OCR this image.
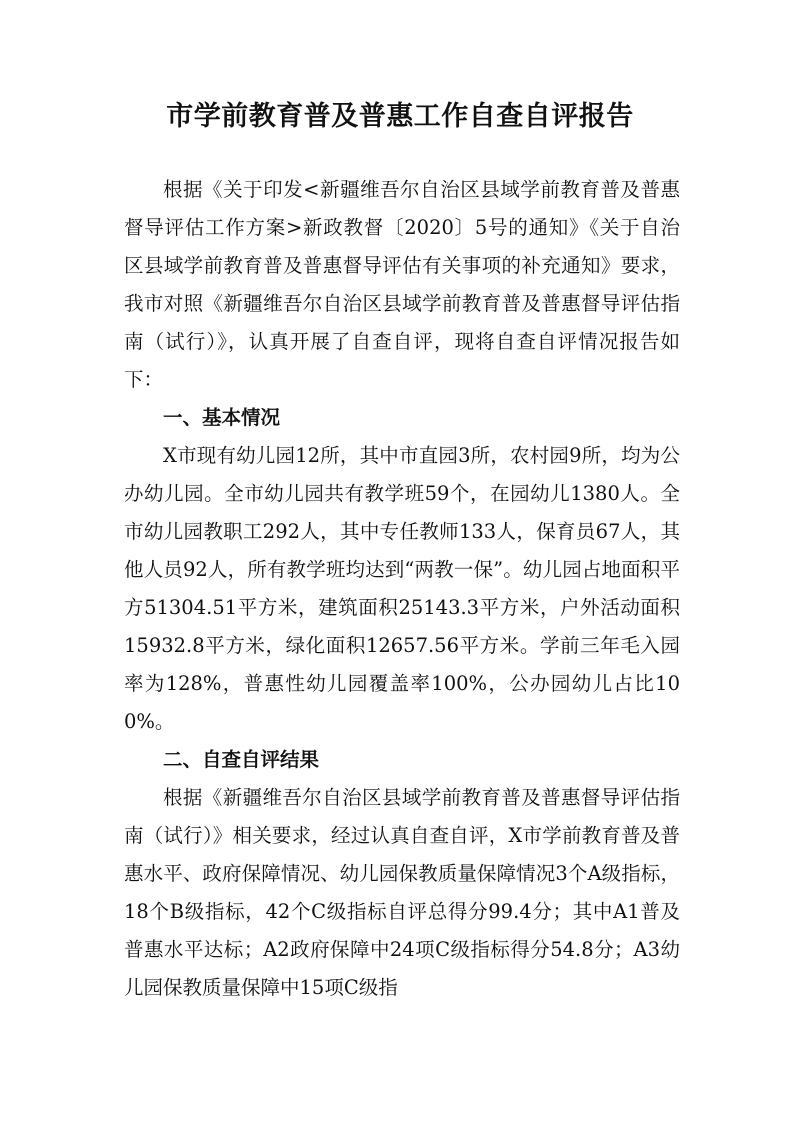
市学前教育普及普惠工作自查自评报告

根据《关于印发<新疆维吾尔自治区县域学前教育普及普惠督导评估工作方案>新政教督〔2020〕5号的通知》《关于自治区县域学前教育普及普惠督导评估有关事项的补充通知》要求，我市对照《新疆维吾尔自治区县域学前教育普及普惠督导评估指南（试行）》，认真开展了自查自评，现将自查自评情况报告如下：

一、基本情况

X市现有幼儿园12所，其中市直园3所，农村园9所，均为公办幼儿园。全市幼儿园共有教学班59个，在园幼儿1380人。全市幼儿园教职工292人，其中专任教师133人，保育员67人，其他人员92人，所有教学班均达到“两教一保”。幼儿园占地面积平方51304.51平方米，建筑面积25143.3平方米，户外活动面积15932.8平方米，绿化面积12657.56平方米。学前三年毛入园率为128%，普惠性幼儿园覆盖率100%，公办园幼儿占比100%。

二、自查自评结果

根据《新疆维吾尔自治区县域学前教育普及普惠督导评估指南（试行）》相关要求，经过认真自查自评，X市学前教育普及普惠水平、政府保障情况、幼儿园保教质量保障情况3个A级指标，18个B级指标，42个C级指标自评总得分99.4分；其中A1普及普惠水平达标；A2政府保障中24项C级指标得分54.8分；A3幼儿园保教质量保障中15项C级指
